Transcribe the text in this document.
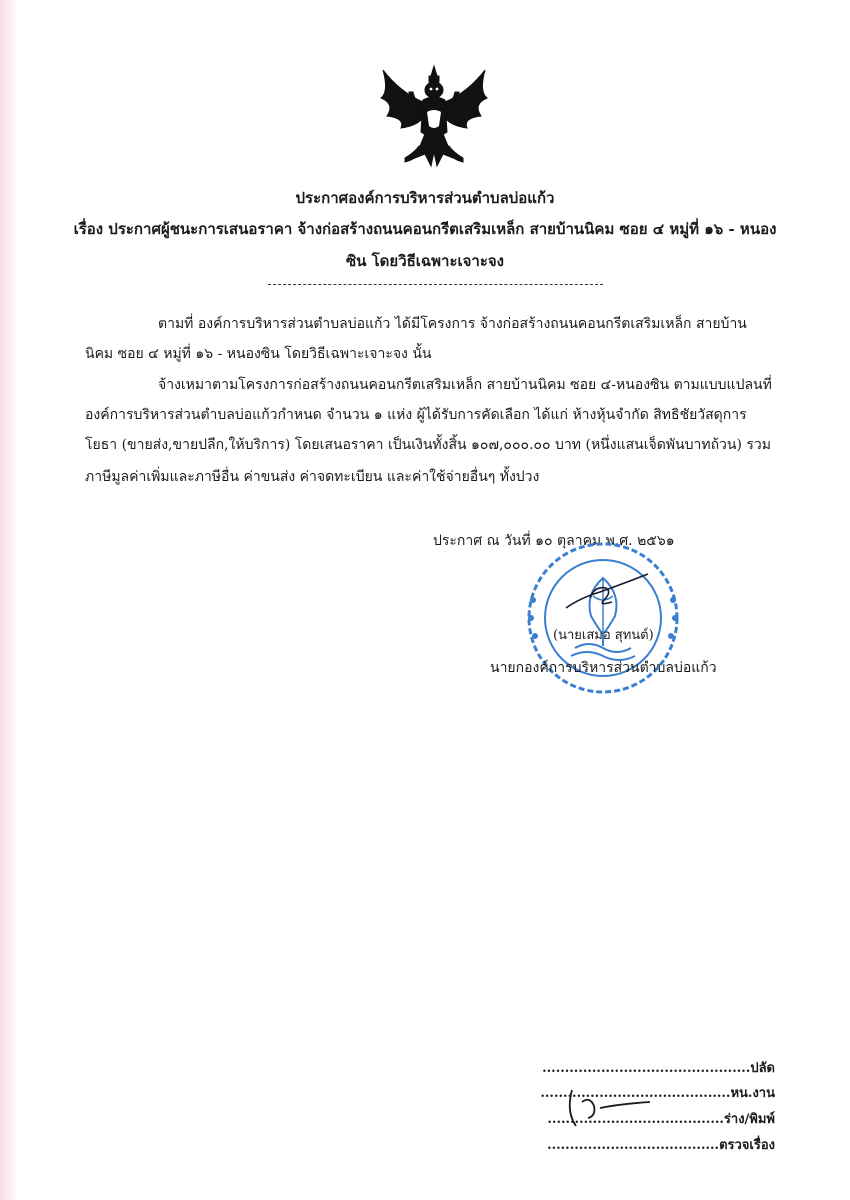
ประกาศองค์การบริหารส่วนตำบลบ่อแก้ว
เรื่อง ประกาศผู้ชนะการเสนอราคา จ้างก่อสร้างถนนคอนกรีตเสริมเหล็ก สายบ้านนิคม ซอย ๔ หมู่ที่ ๑๖ - หนอง
ซิน โดยวิธีเฉพาะเจาะจง
ตามที่ องค์การบริหารส่วนตำบลบ่อแก้ว ได้มีโครงการ จ้างก่อสร้างถนนคอนกรีตเสริมเหล็ก สายบ้าน
นิคม ซอย ๔ หมู่ที่ ๑๖ - หนองซิน โดยวิธีเฉพาะเจาะจง นั้น
จ้างเหมาตามโครงการก่อสร้างถนนคอนกรีตเสริมเหล็ก สายบ้านนิคม ซอย ๔-หนองซิน ตามแบบแปลนที่
องค์การบริหารส่วนตำบลบ่อแก้วกำหนด จำนวน ๑ แห่ง ผู้ได้รับการคัดเลือก ได้แก่ ห้างหุ้นจำกัด สิทธิชัยวัสดุการ
โยธา (ขายส่ง,ขายปลีก,ให้บริการ) โดยเสนอราคา เป็นเงินทั้งสิ้น ๑๐๗,๐๐๐.๐๐ บาท (หนึ่งแสนเจ็ดพันบาทถ้วน) รวม
ภาษีมูลค่าเพิ่มและภาษีอื่น ค่าขนส่ง ค่าจดทะเบียน และค่าใช้จ่ายอื่นๆ ทั้งปวง
ประกาศ ณ วันที่ ๑๐ ตุลาคม พ.ศ. ๒๕๖๑
(นายเสมอ สุทนต์)
นายกองค์การบริหารส่วนตำบลบ่อแก้ว
..............................................ปลัด
..........................................หน.งาน
.......................................ร่าง/พิมพ์
......................................ตรวจเรื่อง
